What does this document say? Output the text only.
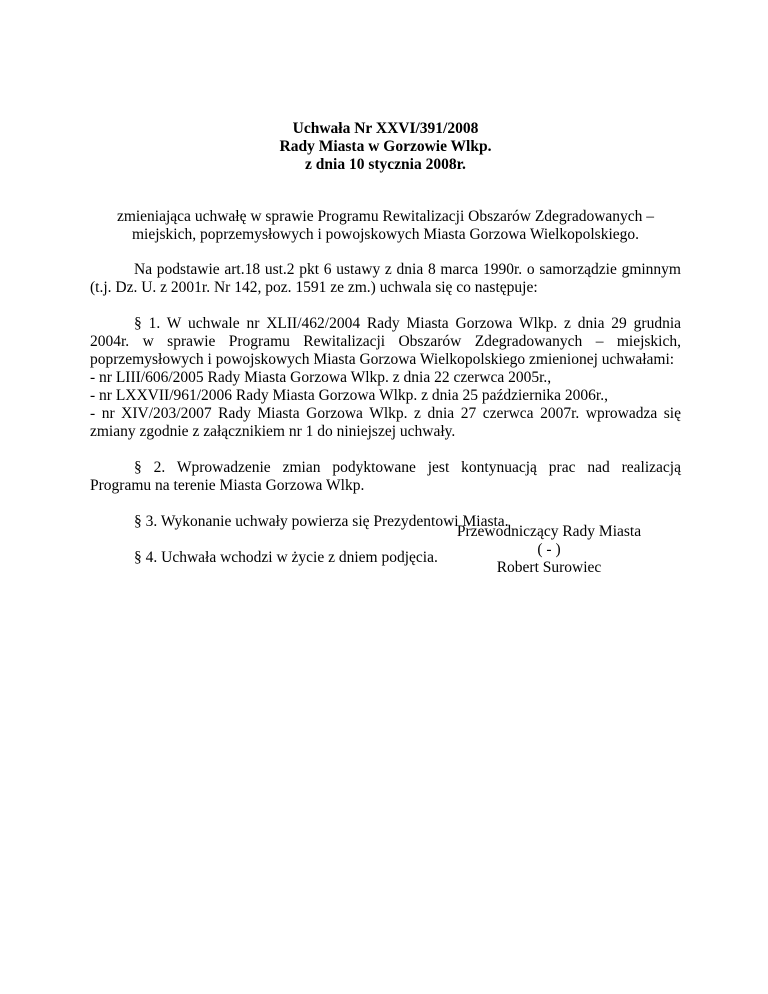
Uchwała Nr XXVI/391/2008
Rady Miasta w Gorzowie Wlkp.
z dnia 10 stycznia 2008r.
zmieniająca uchwałę w sprawie Programu Rewitalizacji Obszarów Zdegradowanych –
miejskich, poprzemysłowych i powojskowych Miasta Gorzowa Wielkopolskiego.
Na podstawie art.18 ust.2 pkt 6 ustawy z dnia 8 marca 1990r. o samorządzie gminnym
(t.j. Dz. U. z 2001r. Nr 142, poz. 1591 ze zm.) uchwala się co następuje:
§ 1. W uchwale nr XLII/462/2004 Rady Miasta Gorzowa Wlkp. z dnia 29 grudnia
2004r. w sprawie Programu Rewitalizacji Obszarów Zdegradowanych – miejskich,
poprzemysłowych i powojskowych Miasta Gorzowa Wielkopolskiego zmienionej uchwałami:
- nr LIII/606/2005 Rady Miasta Gorzowa Wlkp. z dnia 22 czerwca 2005r.,
- nr LXXVII/961/2006 Rady Miasta Gorzowa Wlkp. z dnia 25 października 2006r.,
- nr XIV/203/2007 Rady Miasta Gorzowa Wlkp. z dnia 27 czerwca 2007r. wprowadza się
zmiany zgodnie z załącznikiem nr 1 do niniejszej uchwały.
§ 2. Wprowadzenie zmian podyktowane jest kontynuacją prac nad realizacją
Programu na terenie Miasta Gorzowa Wlkp.
§ 3. Wykonanie uchwały powierza się Prezydentowi Miasta.
§ 4. Uchwała wchodzi w życie z dniem podjęcia.
Przewodniczący Rady Miasta
( - )
Robert Surowiec
